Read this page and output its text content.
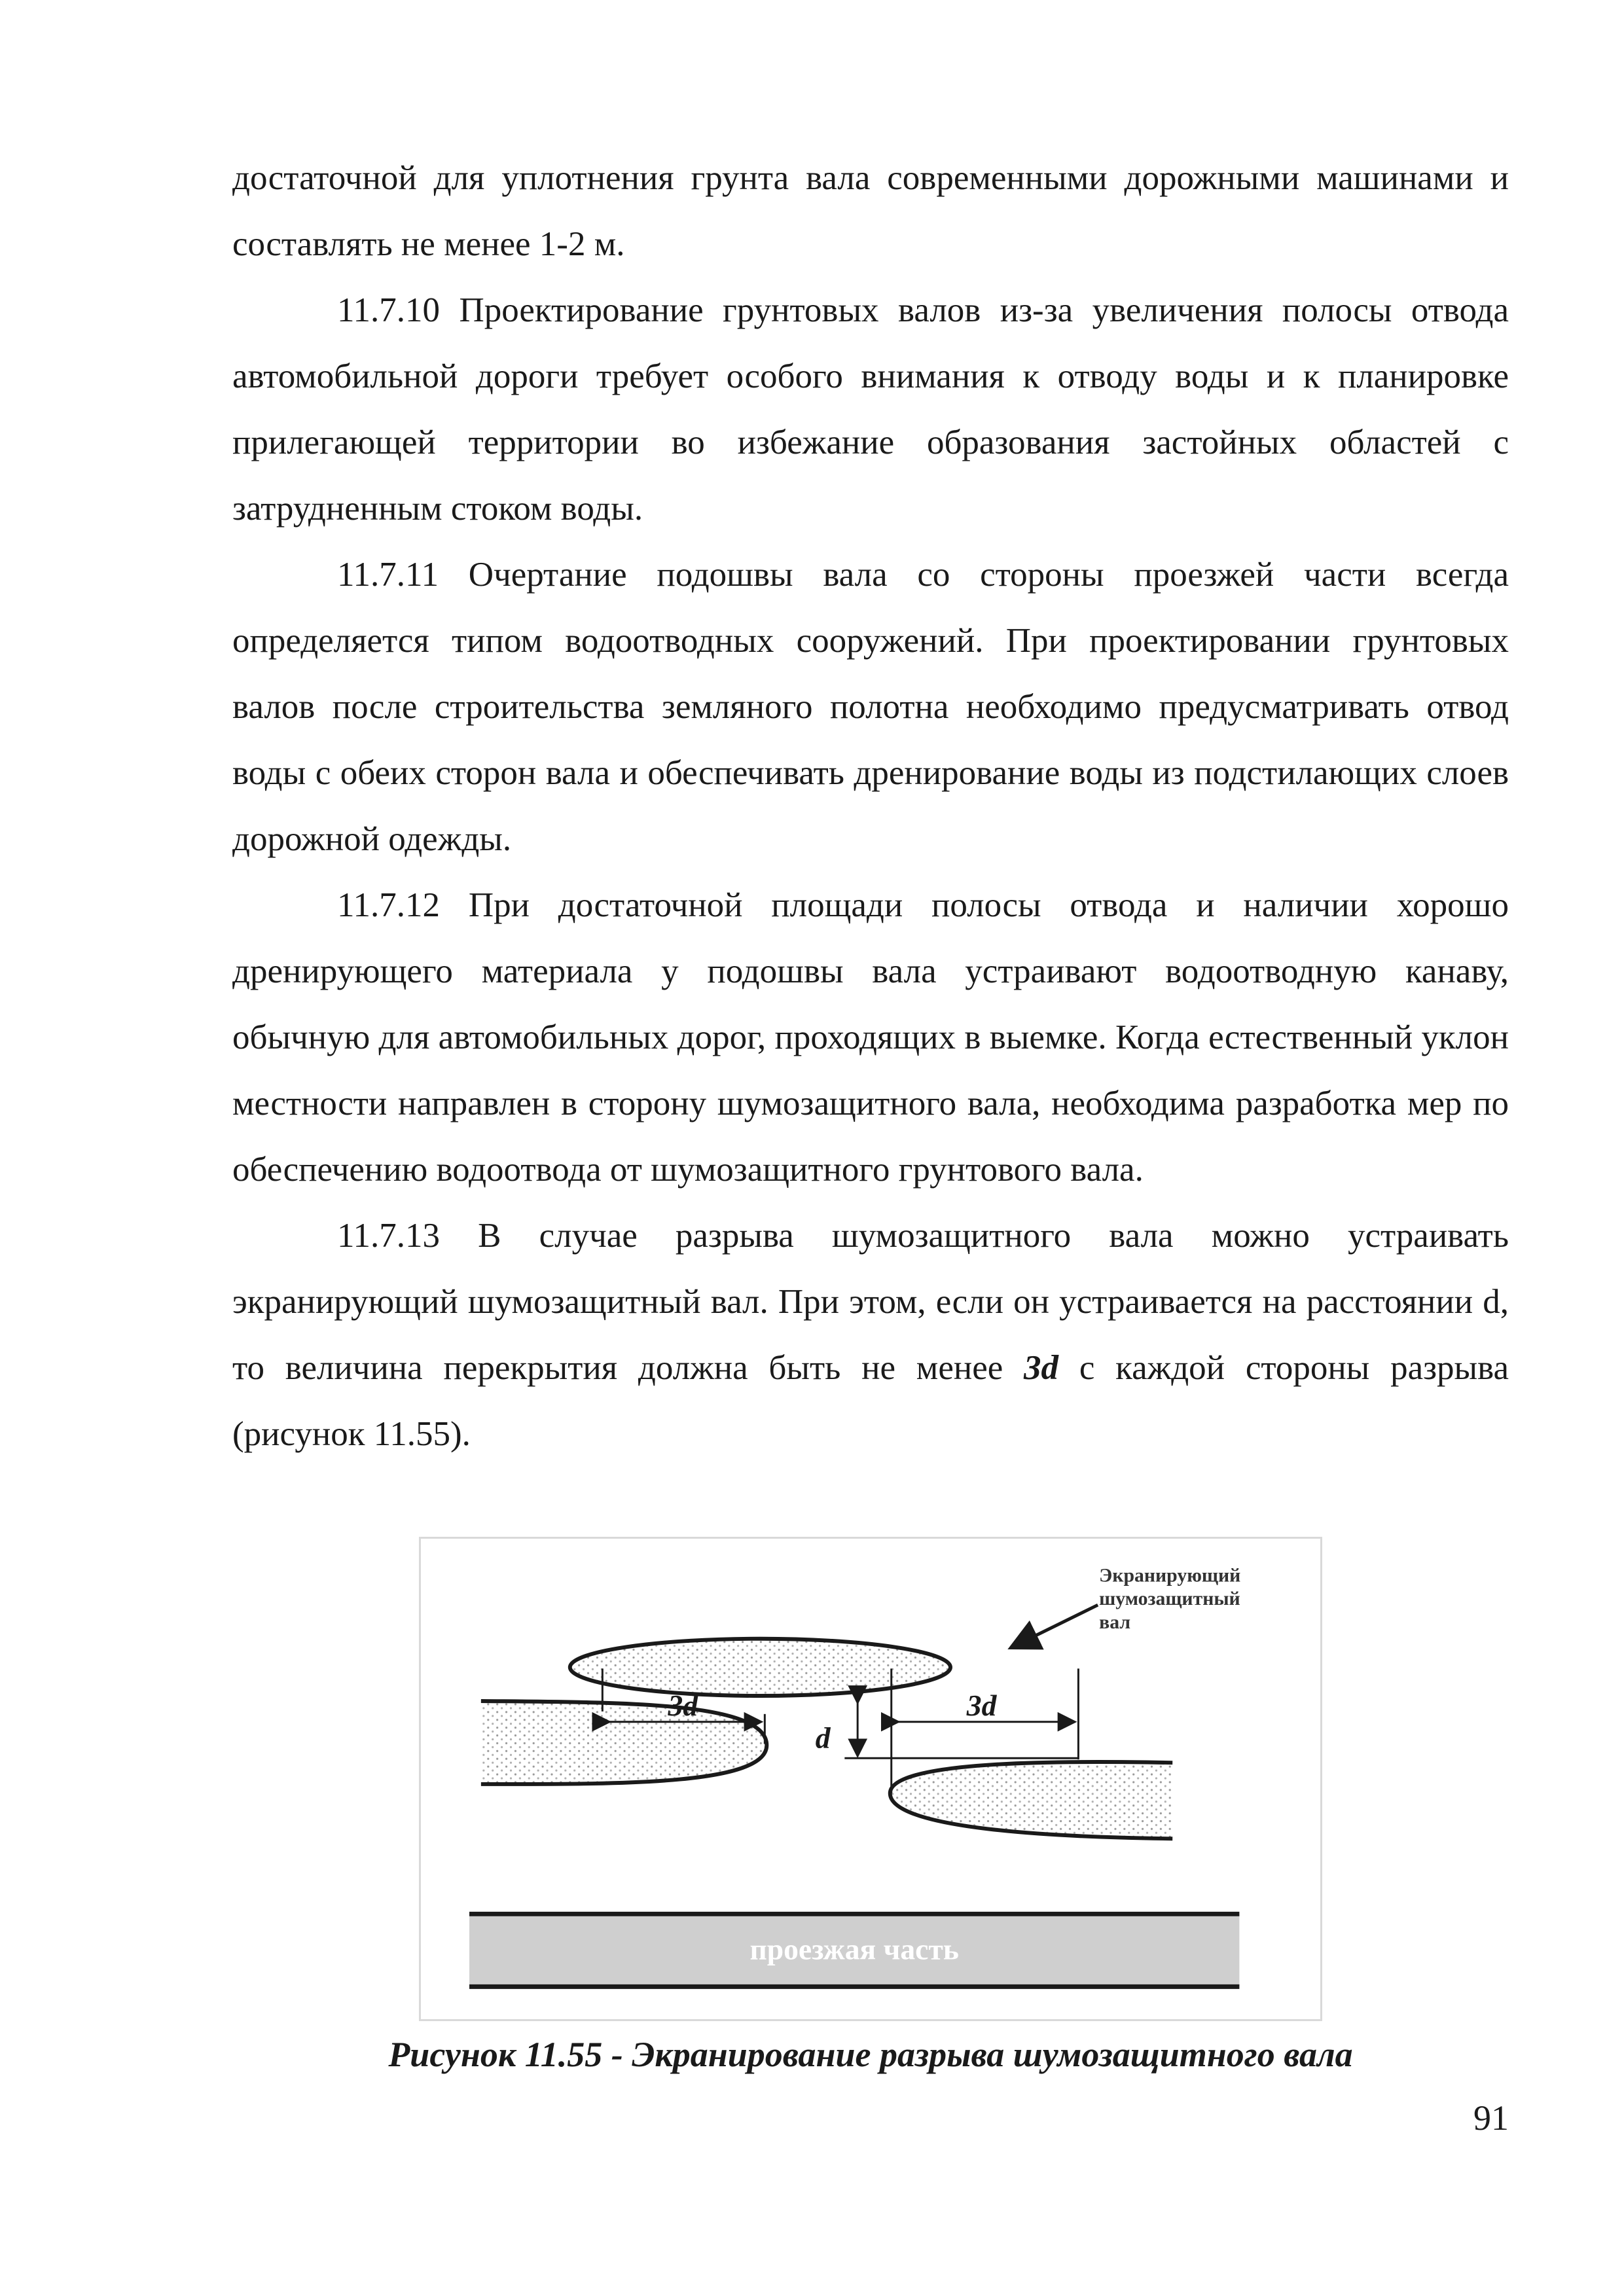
достаточной для уплотнения грунта вала современными дорожными машинами и составлять не менее 1-2 м.

11.7.10 Проектирование грунтовых валов из-за увеличения полосы отвода автомобильной дороги требует особого внимания к отводу воды и к планировке прилегающей территории во избежание образования застойных областей с затрудненным стоком воды.

11.7.11 Очертание подошвы вала со стороны проезжей части всегда определяется типом водоотводных сооружений. При проектировании грунтовых валов после строительства земляного полотна необходимо предусматривать отвод воды с обеих сторон вала и обеспечивать дренирование воды из подстилающих слоев дорожной одежды.

11.7.12 При достаточной площади полосы отвода и наличии хорошо дренирующего материала у подошвы вала устраивают водоотводную канаву, обычную для автомобильных дорог, проходящих в выемке. Когда естественный уклон местности направлен в сторону шумозащитного вала, необходима разработка мер по обеспечению водоотвода от шумозащитного грунтового вала.

11.7.13 В случае разрыва шумозащитного вала можно устраивать экранирующий шумозащитный вал. При этом, если он устраивается на расстоянии d, то величина перекрытия должна быть не менее 3d с каждой стороны разрыва (рисунок 11.55).

3d	3d
d
Экранирующий
шумозащитный
вал
проезжая часть
Рисунок 11.55 - Экранирование разрыва шумозащитного вала
91
